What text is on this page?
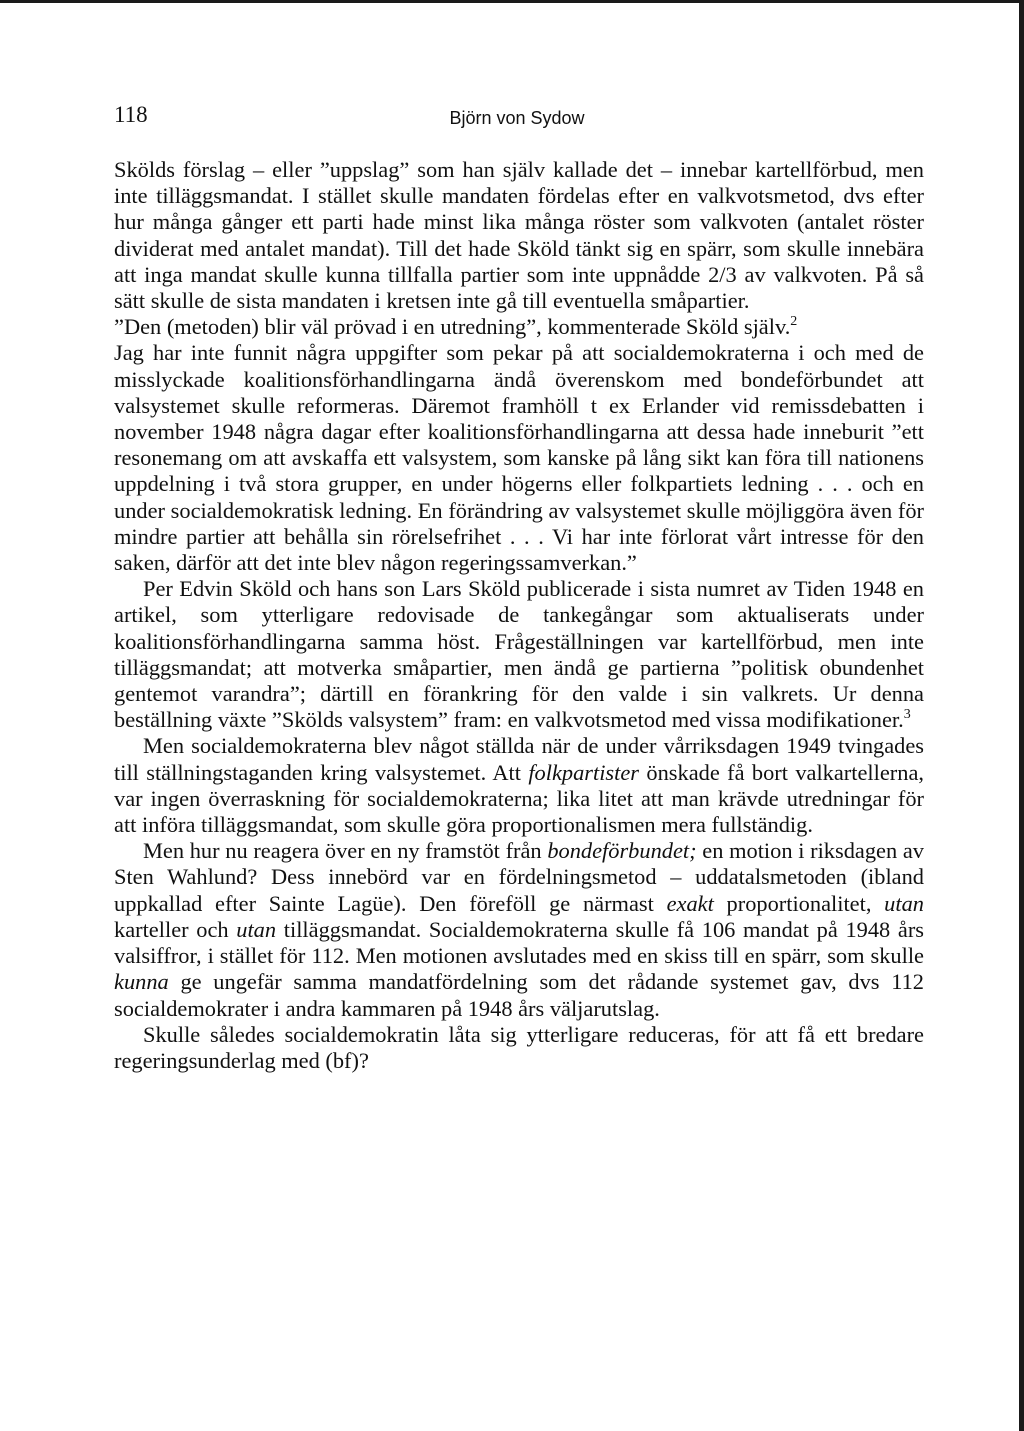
118	Björn von Sydow

Skölds förslag – eller ”uppslag” som han själv kallade det – innebar kartellförbud, men inte tilläggsmandat. I stället skulle mandaten fördelas efter en valkvotsmetod, dvs efter hur många gånger ett parti hade minst lika många röster som valkvoten (antalet röster dividerat med antalet mandat). Till det hade Sköld tänkt sig en spärr, som skulle innebära att inga mandat skulle kunna tillfalla partier som inte uppnådde 2/3 av valkvoten. På så sätt skulle de sista mandaten i kretsen inte gå till eventuella småpartier.

”Den (metoden) blir väl prövad i en utredning”, kommenterade Sköld själv.$^2$

Jag har inte funnit några uppgifter som pekar på att socialdemokraterna i och med de misslyckade koalitionsförhandlingarna ändå överenskom med bondeförbundet att valsystemet skulle reformeras. Däremot framhöll t ex Erlander vid remissdebatten i november 1948 några dagar efter koalitionsförhandlingarna att dessa hade inneburit ”ett resonemang om att avskaffa ett valsystem, som kanske på lång sikt kan föra till nationens uppdelning i två stora grupper, en under högerns eller folkpartiets ledning . . . och en under socialdemokratisk ledning. En förändring av valsystemet skulle möjliggöra även för mindre partier att behålla sin rörelsefrihet . . . Vi har inte förlorat vårt intresse för den saken, därför att det inte blev någon regeringssamverkan.”

Per Edvin Sköld och hans son Lars Sköld publicerade i sista numret av Tiden 1948 en artikel, som ytterligare redovisade de tankegångar som aktualiserats under koalitionsförhandlingarna samma höst. Frågeställningen var kartellförbud, men inte tilläggsmandat; att motverka småpartier, men ändå ge partierna ”politisk obundenhet gentemot varandra”; därtill en förankring för den valde i sin valkrets. Ur denna beställning växte ”Skölds valsystem” fram: en valkvotsmetod med vissa modifikationer.$^3$

Men socialdemokraterna blev något ställda när de under vårriksdagen 1949 tvingades till ställningstaganden kring valsystemet. Att folkpartister önskade få bort valkartellerna, var ingen överraskning för socialdemokraterna; lika litet att man krävde utredningar för att införa tilläggsmandat, som skulle göra proportionalismen mera fullständig.

Men hur nu reagera över en ny framstöt från bondeförbundet; en motion i riksdagen av Sten Wahlund? Dess innebörd var en fördelningsmetod – uddatalsmetoden (ibland uppkallad efter Sainte Lagüe). Den föreföll ge närmast exakt proportionalitet, utan karteller och utan tilläggsmandat. Socialdemokraterna skulle få 106 mandat på 1948 års valsiffror, i stället för 112. Men motionen avslutades med en skiss till en spärr, som skulle kunna ge ungefär samma mandatfördelning som det rådande systemet gav, dvs 112 socialdemokrater i andra kammaren på 1948 års väljarutslag.

Skulle således socialdemokratin låta sig ytterligare reduceras, för att få ett bredare regeringsunderlag med (bf)?
